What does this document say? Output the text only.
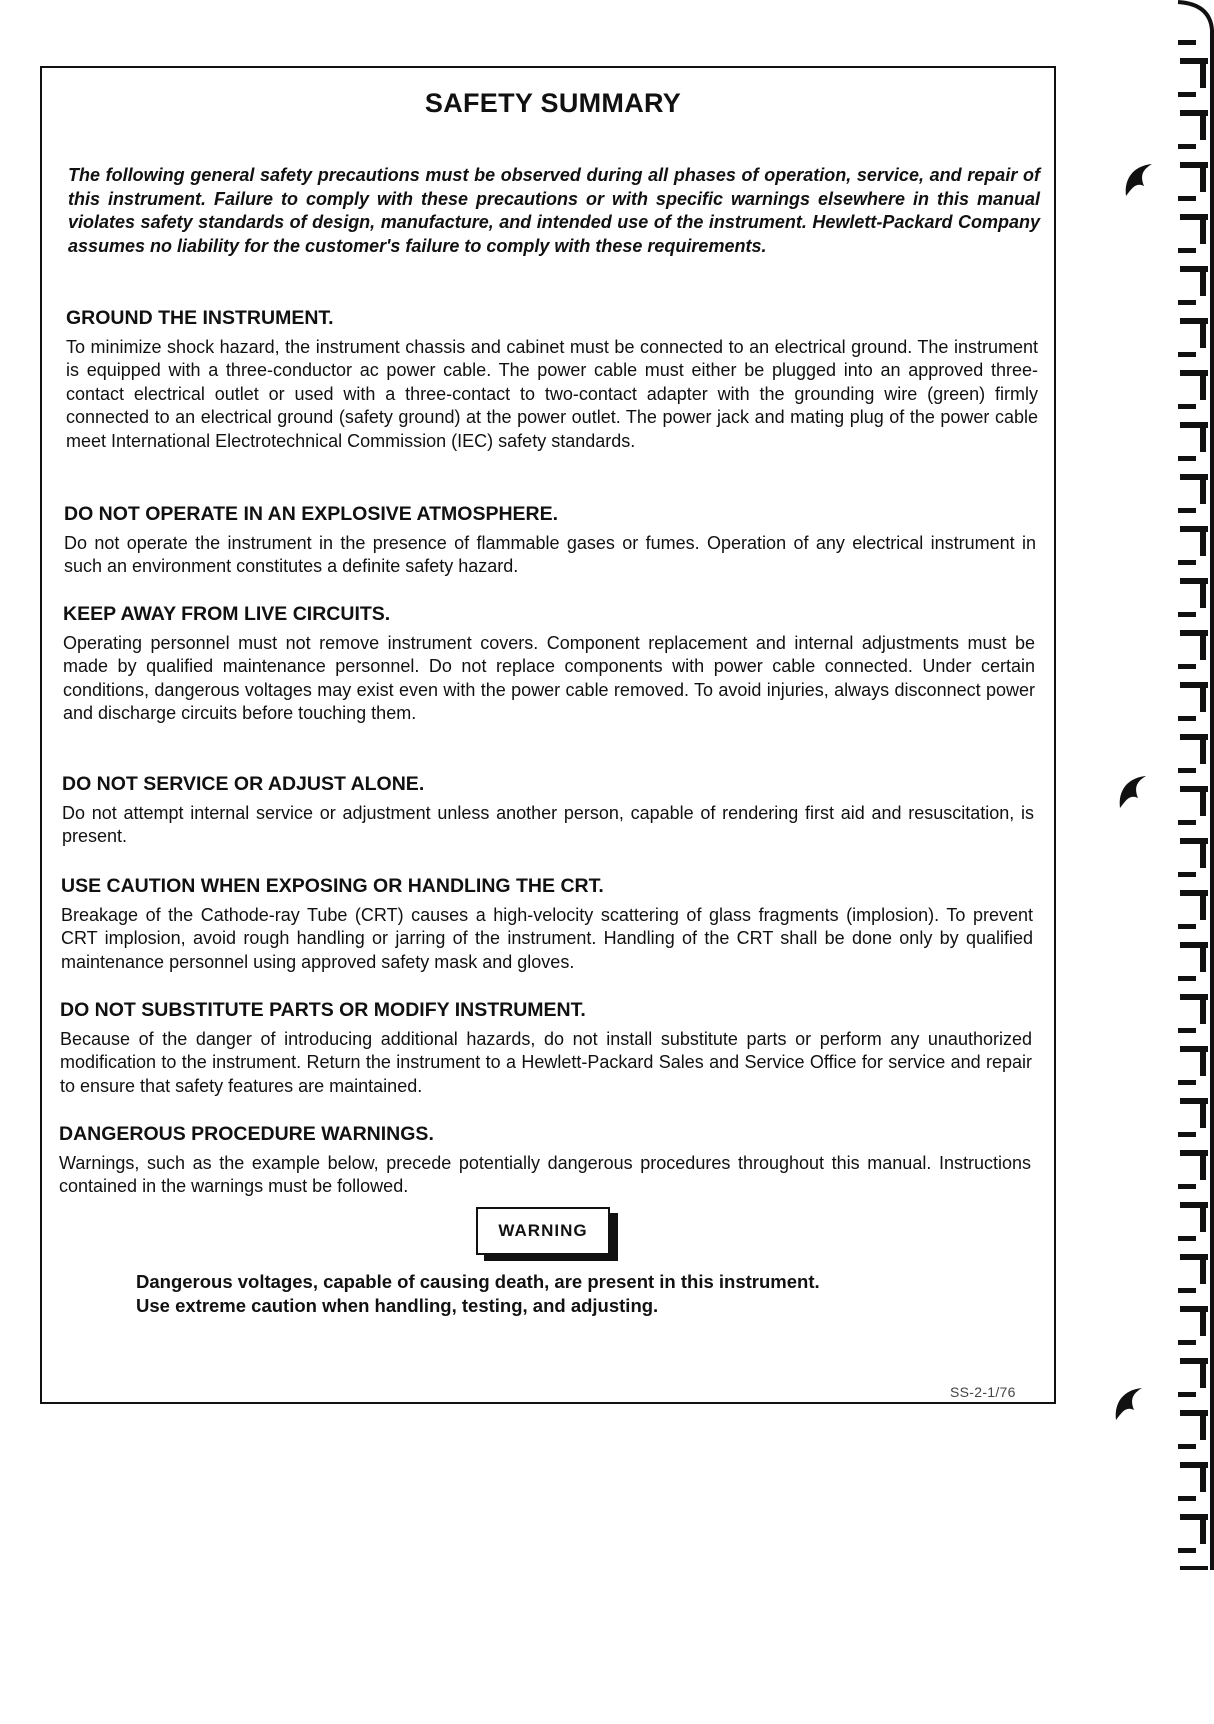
SAFETY SUMMARY
The following general safety precautions must be observed during all phases of operation, service, and repair of this instrument. Failure to comply with these precautions or with specific warnings elsewhere in this manual violates safety standards of design, manufacture, and intended use of the instrument. Hewlett-Packard Company assumes no liability for the customer's failure to comply with these requirements.
GROUND THE INSTRUMENT.
To minimize shock hazard, the instrument chassis and cabinet must be connected to an electrical ground. The instrument is equipped with a three-conductor ac power cable. The power cable must either be plugged into an approved three-contact electrical outlet or used with a three-contact to two-contact adapter with the grounding wire (green) firmly connected to an electrical ground (safety ground) at the power outlet. The power jack and mating plug of the power cable meet International Electrotechnical Commission (IEC) safety standards.
DO NOT OPERATE IN AN EXPLOSIVE ATMOSPHERE.
Do not operate the instrument in the presence of flammable gases or fumes. Operation of any electrical instrument in such an environment constitutes a definite safety hazard.
KEEP AWAY FROM LIVE CIRCUITS.
Operating personnel must not remove instrument covers. Component replacement and internal adjustments must be made by qualified maintenance personnel. Do not replace components with power cable connected. Under certain conditions, dangerous voltages may exist even with the power cable removed. To avoid injuries, always disconnect power and discharge circuits before touching them.
DO NOT SERVICE OR ADJUST ALONE.
Do not attempt internal service or adjustment unless another person, capable of rendering first aid and resuscitation, is present.
USE CAUTION WHEN EXPOSING OR HANDLING THE CRT.
Breakage of the Cathode-ray Tube (CRT) causes a high-velocity scattering of glass fragments (implosion). To prevent CRT implosion, avoid rough handling or jarring of the instrument. Handling of the CRT shall be done only by qualified maintenance personnel using approved safety mask and gloves.
DO NOT SUBSTITUTE PARTS OR MODIFY INSTRUMENT.
Because of the danger of introducing additional hazards, do not install substitute parts or perform any unauthorized modification to the instrument. Return the instrument to a Hewlett-Packard Sales and Service Office for service and repair to ensure that safety features are maintained.
DANGEROUS PROCEDURE WARNINGS.
Warnings, such as the example below, precede potentially dangerous procedures throughout this manual. Instructions contained in the warnings must be followed.
WARNING
Dangerous voltages, capable of causing death, are present in this instrument.
Use extreme caution when handling, testing, and adjusting.
SS-2-1/76
